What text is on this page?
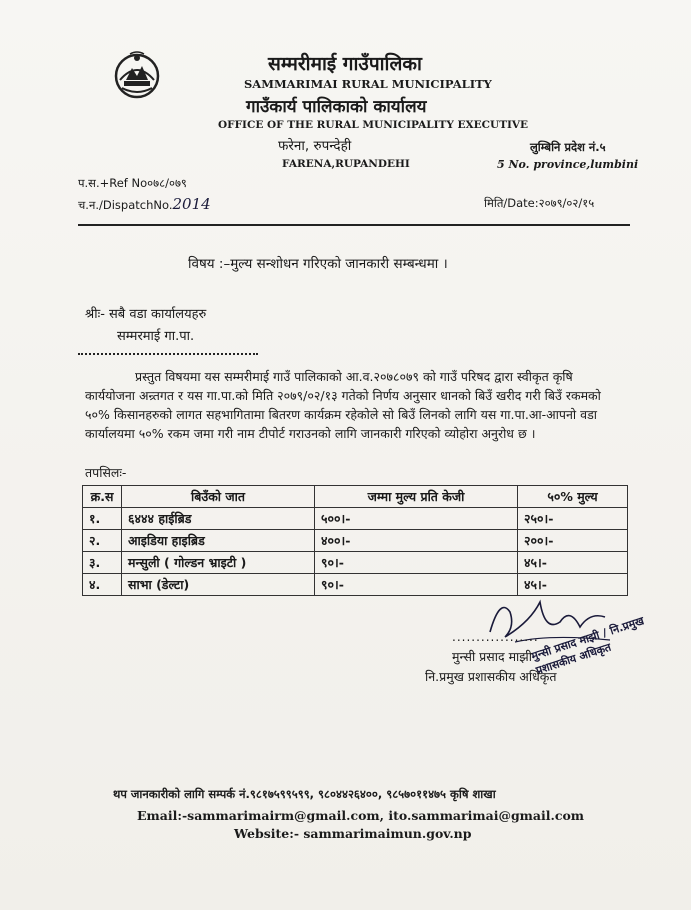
सम्मरीमाई गाउँपालिका
SAMMARIMAI RURAL MUNICIPALITY
गाउँकार्य पालिकाको कार्यालय
OFFICE OF THE RURAL MUNICIPALITY EXECUTIVE
फरेना, रुपन्देही
FARENA,RUPANDEHI
लुम्बिनि प्रदेश नं.५
5 No. province,lumbini
प.स.+Ref No०७८/०७९
च.न./DispatchNo.2014	मिति/Date:२०७९/०२/१५
विषय :–मुल्य सन्शोधन गरिएको जानकारी सम्बन्धमा ।
श्रीः- सबै वडा कार्यालयहरु
सम्मरमाई गा.पा.
प्रस्तुत विषयमा यस सम्मरीमाई गाउँ पालिकाको आ.व.२०७८०७९ को गाउँ परिषद द्वारा स्वीकृत कृषि कार्ययोजना अन्र्तगत र यस गा.पा.को मिति २०७९/०२/१३ गतेको निर्णय अनुसार धानको बिउँ खरीद गरी बिउँ रकमको ५०% किसानहरुको लागत सहभागितामा बितरण कार्यक्रम रहेकोले सो बिउँ लिनको लागि यस गा.पा.आ-आपनो वडा कार्यालयमा ५०% रकम जमा गरी नाम टीपोर्ट गराउनको लागि जानकारी गरिएको व्योहोरा अनुरोध छ ।
तपसिलः-
क्र.स	बिउँको जात	जम्मा मुल्य प्रति केजी	५०% मुल्य
१.	६४४४ हाईब्रिड	५००।-	२५०।-
२.	आइडिया हाइब्रिड	४००।-	२००।-
३.	मन्सुली ( गोल्डन भ्राइटी )	९०।-	४५।-
४.	साभा (डेल्टा)	९०।-	४५।-
मुन्सी प्रसाद माझी / नि.प्रमुख प्रशासकीय अधिकृत
..................
मुन्सी प्रसाद माझी
नि.प्रमुख प्रशासकीय अधिकृत
थप जानकारीको लागि सम्पर्क नं.९८१७५९९५९९, ९८०४४२६४००, ९८५७०११४७५ कृषि शाखा
Email:-sammarimairm@gmail.com, ito.sammarimai@gmail.com
Website:- sammarimaimun.gov.np
